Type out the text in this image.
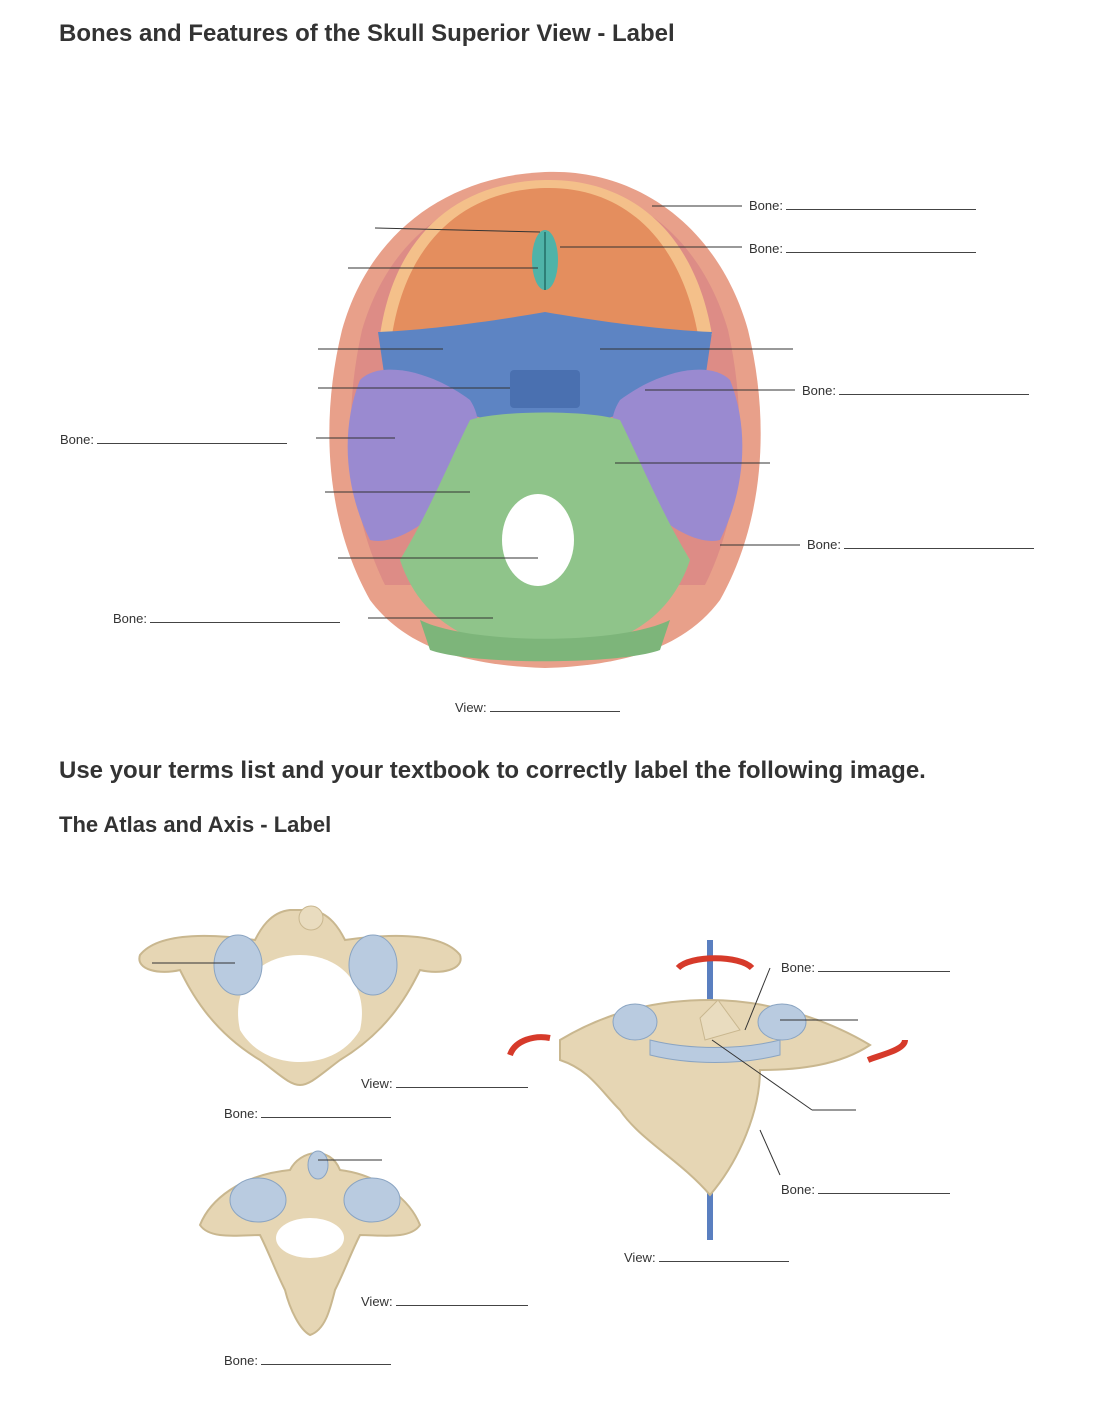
Bones and Features of the Skull Superior View - Label
Use your terms list and your textbook to correctly label the following image.
The Atlas and Axis - Label
Bone:
Bone:
Bone:
Bone:
Bone:
Bone:
View:
View:
Bone:
View:
Bone:
Bone:
Bone:
View:
